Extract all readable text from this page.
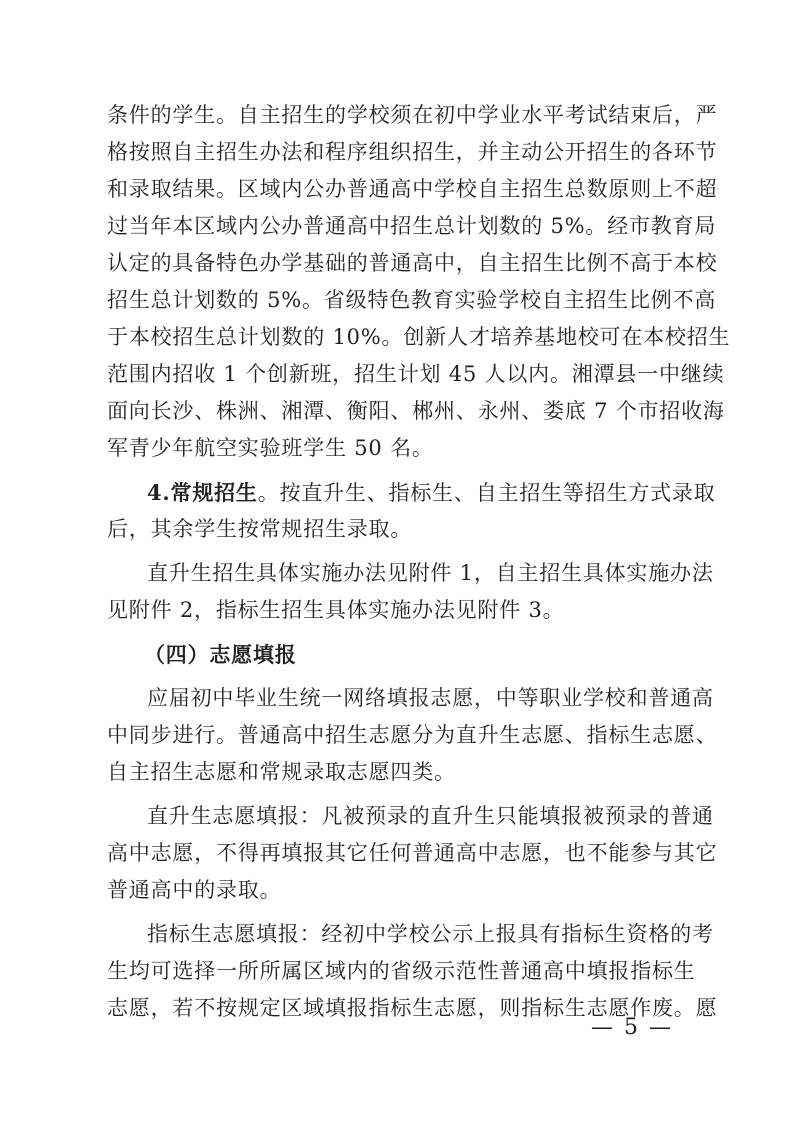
条件的学生。自主招生的学校须在初中学业水平考试结束后，严
格按照自主招生办法和程序组织招生，并主动公开招生的各环节
和录取结果。区域内公办普通高中学校自主招生总数原则上不超
过当年本区域内公办普通高中招生总计划数的 5%。经市教育局
认定的具备特色办学基础的普通高中，自主招生比例不高于本校
招生总计划数的 5%。省级特色教育实验学校自主招生比例不高
于本校招生总计划数的 10%。创新人才培养基地校可在本校招生
范围内招收 1 个创新班，招生计划 45 人以内。湘潭县一中继续
面向长沙、株洲、湘潭、衡阳、郴州、永州、娄底 7 个市招收海
军青少年航空实验班学生 50 名。
4.常规招生。按直升生、指标生、自主招生等招生方式录取
后，其余学生按常规招生录取。
直升生招生具体实施办法见附件 1，自主招生具体实施办法
见附件 2，指标生招生具体实施办法见附件 3。
（四）志愿填报
应届初中毕业生统一网络填报志愿，中等职业学校和普通高
中同步进行。普通高中招生志愿分为直升生志愿、指标生志愿、
自主招生志愿和常规录取志愿四类。
直升生志愿填报：凡被预录的直升生只能填报被预录的普通
高中志愿，不得再填报其它任何普通高中志愿，也不能参与其它
普通高中的录取。
指标生志愿填报：经初中学校公示上报具有指标生资格的考
生均可选择一所所属区域内的省级示范性普通高中填报指标生
志愿，若不按规定区域填报指标生志愿，则指标生志愿作废。愿
— 5 —
